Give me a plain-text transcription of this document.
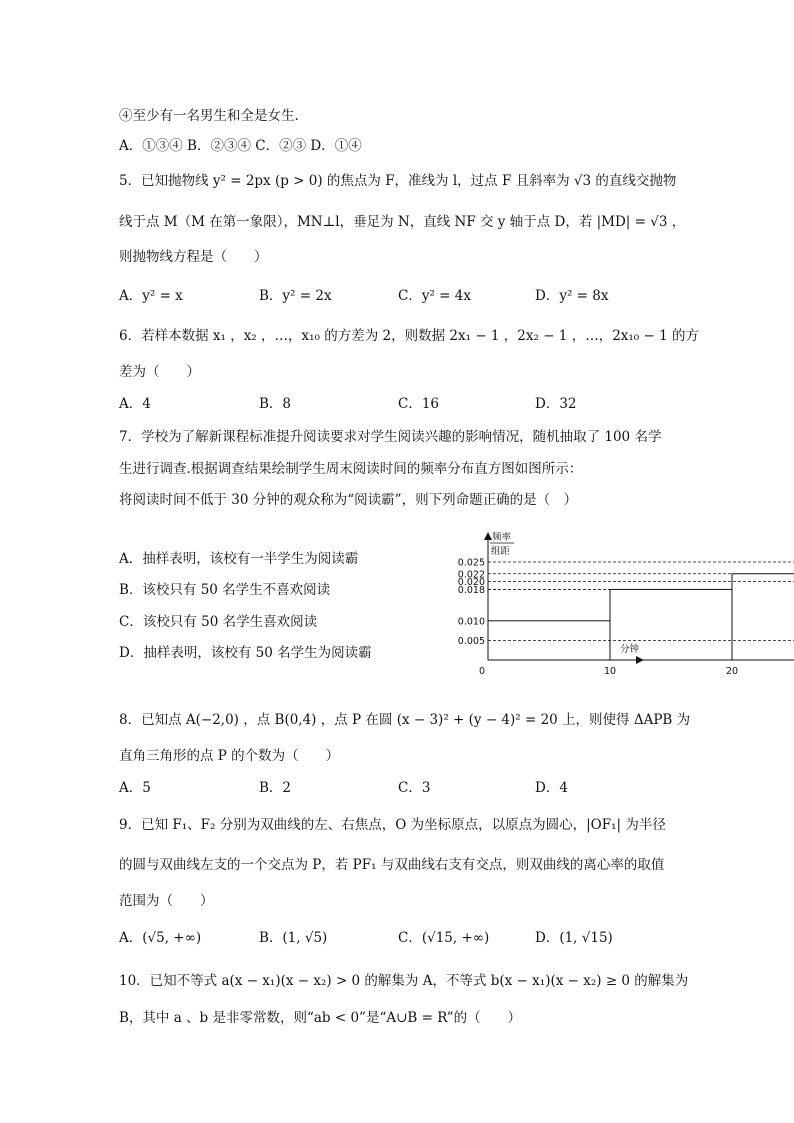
④至少有一名男生和全是女生.
A．①③④ B．②③④ C．②③ D．①④
5．已知抛物线 y² = 2px (p > 0) 的焦点为 F，准线为 l，过点 F 且斜率为 √3 的直线交抛物
线于点 M（M 在第一象限），MN⊥l，垂足为 N，直线 NF 交 y 轴于点 D，若 |MD| = √3 ，
则抛物线方程是（　　）
A．y² = x	B．y² = 2x	C．y² = 4x	D．y² = 8x
6．若样本数据 x₁ ，x₂ ，…，x₁₀ 的方差为 2，则数据 2x₁ − 1 ，2x₂ − 1 ，…，2x₁₀ − 1 的方
差为（　　）
A．4	B．8	C．16	D．32
7．学校为了解新课程标准提升阅读要求对学生阅读兴趣的影响情况，随机抽取了 100 名学
生进行调查.根据调查结果绘制学生周末阅读时间的频率分布直方图如图所示：
将阅读时间不低于 30 分钟的观众称为“阅读霸”，则下列命题正确的是（　）
A．抽样表明，该校有一半学生为阅读霸
B．该校只有 50 名学生不喜欢阅读
C．该校只有 50 名学生喜欢阅读
D．抽样表明，该校有 50 名学生为阅读霸
0.025
0.022
0.020
0.018
0.010
0.005
0	10	20
频率
组距
分钟
8．已知点 A(−2,0) ，点 B(0,4) ，点 P 在圆 (x − 3)² + (y − 4)² = 20 上，则使得 ΔAPB 为
直角三角形的点 P 的个数为（　　）
A．5	B．2	C．3	D．4
9．已知 F₁、F₂ 分别为双曲线的左、右焦点，O 为坐标原点，以原点为圆心，|OF₁| 为半径
的圆与双曲线左支的一个交点为 P，若 PF₁ 与双曲线右支有交点，则双曲线的离心率的取值
范围为（　　）
A．(√5, +∞)	B．(1, √5)	C．(√15, +∞)	D．(1, √15)
10．已知不等式 a(x − x₁)(x − x₂) > 0 的解集为 A，不等式 b(x − x₁)(x − x₂) ≥ 0 的解集为
B，其中 a 、b 是非零常数，则“ab < 0”是“A∪B = R”的（　　）
